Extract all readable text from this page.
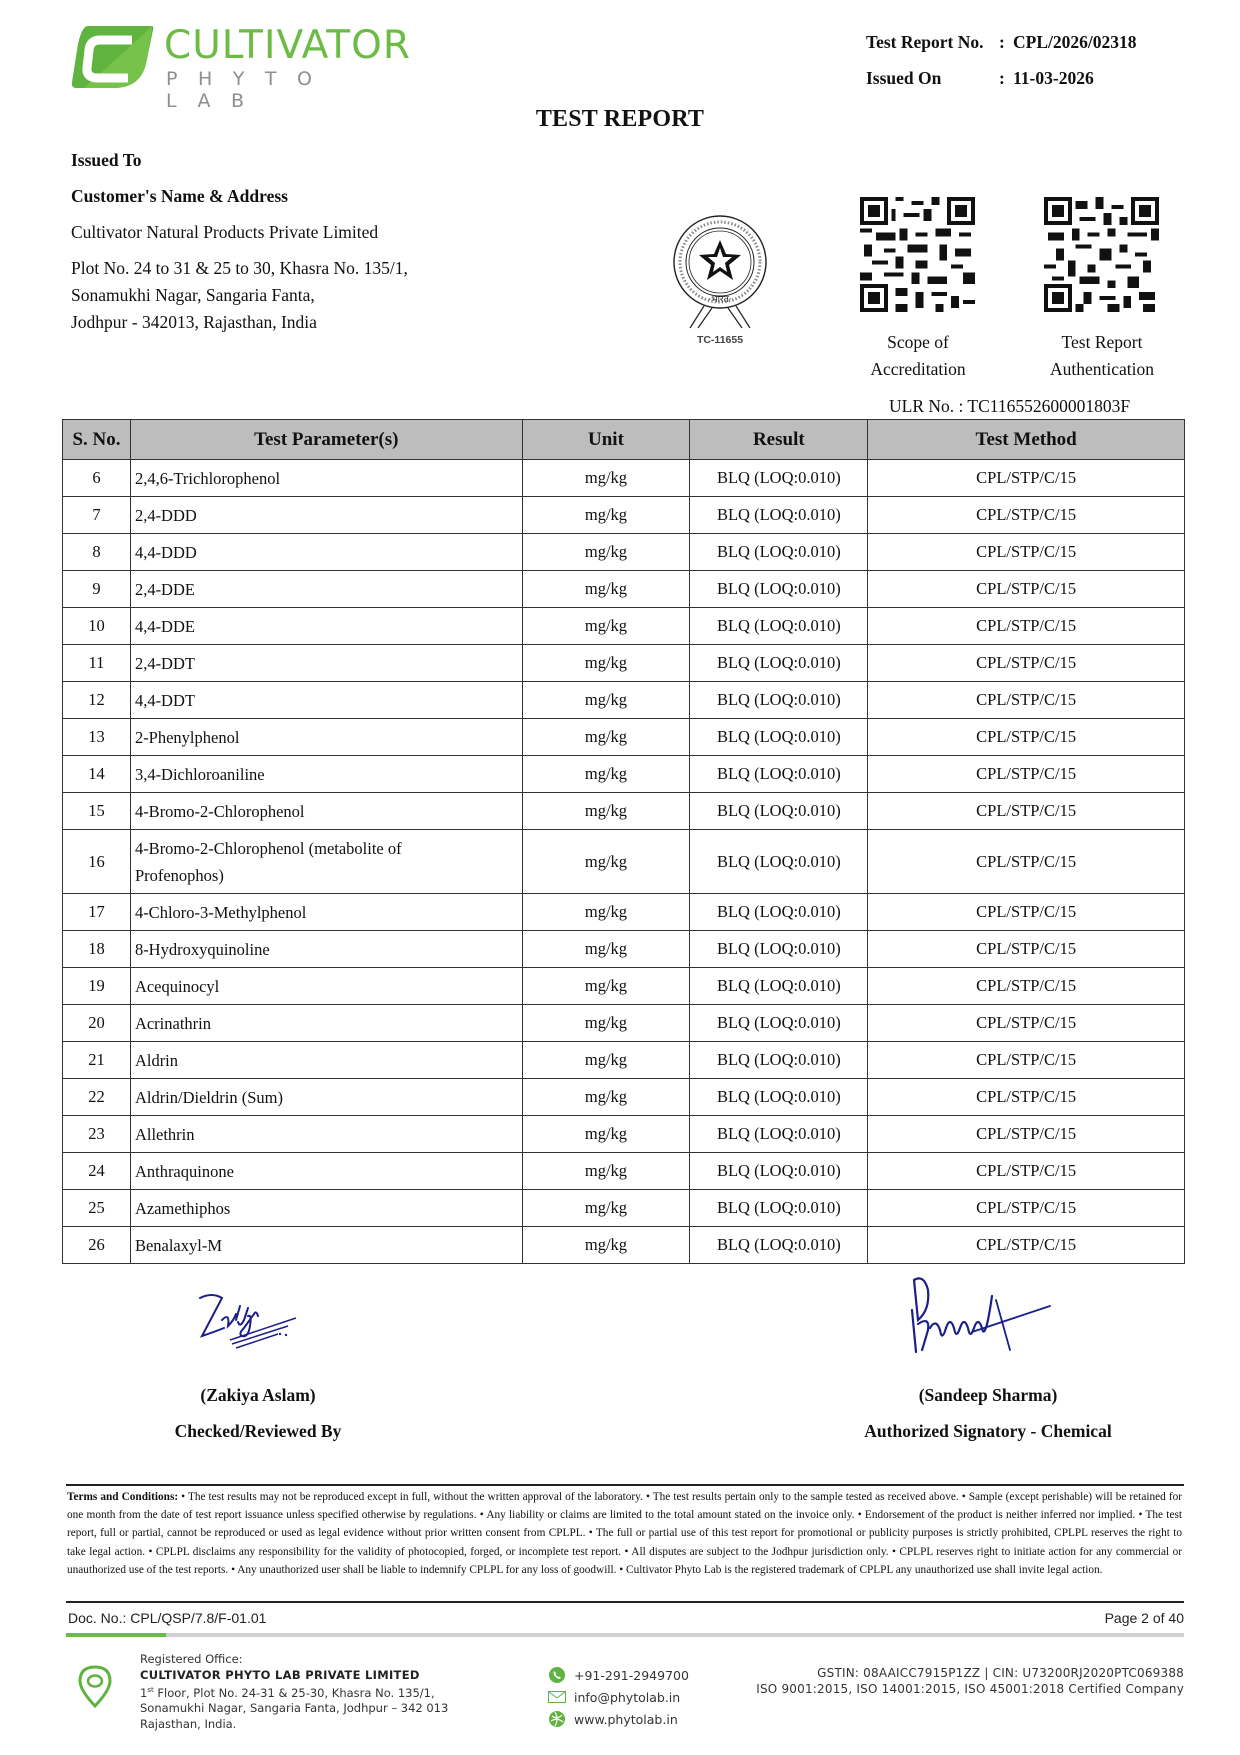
CULTIVATOR
PHYTO LAB
Test Report No. : CPL/2026/02318
Issued On	: 11-03-2026
TEST REPORT
Issued To
Customer's Name & Address
Cultivator Natural Products Private Limited
Plot No. 24 to 31 & 25 to 30, Khasra No. 135/1,
Sonamukhi Nagar, Sangaria Fanta,
Jodhpur - 342013, Rajasthan, India
·भारत·
TC-11655	Scope of
Accreditation
Test Report
Authentication
ULR No. : TC116552600001803F
S. No.	Test Parameter(s)	Unit	Result	Test Method
6	2,4,6-Trichlorophenol	mg/kg	BLQ (LOQ:0.010)	CPL/STP/C/15
7	2,4-DDD	mg/kg	BLQ (LOQ:0.010)	CPL/STP/C/15
8	4,4-DDD	mg/kg	BLQ (LOQ:0.010)	CPL/STP/C/15
9	2,4-DDE	mg/kg	BLQ (LOQ:0.010)	CPL/STP/C/15
10	4,4-DDE	mg/kg	BLQ (LOQ:0.010)	CPL/STP/C/15
11	2,4-DDT	mg/kg	BLQ (LOQ:0.010)	CPL/STP/C/15
12	4,4-DDT	mg/kg	BLQ (LOQ:0.010)	CPL/STP/C/15
13	2-Phenylphenol	mg/kg	BLQ (LOQ:0.010)	CPL/STP/C/15
14	3,4-Dichloroaniline	mg/kg	BLQ (LOQ:0.010)	CPL/STP/C/15
15	4-Bromo-2-Chlorophenol	mg/kg	BLQ (LOQ:0.010)	CPL/STP/C/15
16	4-Bromo-2-Chlorophenol (metabolite of
Profenophos)	mg/kg	BLQ (LOQ:0.010)	CPL/STP/C/15
17	4-Chloro-3-Methylphenol	mg/kg	BLQ (LOQ:0.010)	CPL/STP/C/15
18	8-Hydroxyquinoline	mg/kg	BLQ (LOQ:0.010)	CPL/STP/C/15
19	Acequinocyl	mg/kg	BLQ (LOQ:0.010)	CPL/STP/C/15
20	Acrinathrin	mg/kg	BLQ (LOQ:0.010)	CPL/STP/C/15
21	Aldrin	mg/kg	BLQ (LOQ:0.010)	CPL/STP/C/15
22	Aldrin/Dieldrin (Sum)	mg/kg	BLQ (LOQ:0.010)	CPL/STP/C/15
23	Allethrin	mg/kg	BLQ (LOQ:0.010)	CPL/STP/C/15
24	Anthraquinone	mg/kg	BLQ (LOQ:0.010)	CPL/STP/C/15
25	Azamethiphos	mg/kg	BLQ (LOQ:0.010)	CPL/STP/C/15
26	Benalaxyl-M	mg/kg	BLQ (LOQ:0.010)	CPL/STP/C/15
(Zakiya Aslam)
Checked/Reviewed By
(Sandeep Sharma)
Authorized Signatory - Chemical
Terms and Conditions: • The test results may not be reproduced except in full, without the written approval of the laboratory. • The test results pertain only to the sample tested as received above. • Sample (except perishable) will be retained for one month from the date of test report issuance unless specified otherwise by regulations. • Any liability or claims are limited to the total amount stated on the invoice only. • Endorsement of the product is neither inferred nor implied. • The test report, full or partial, cannot be reproduced or used as legal evidence without prior written consent from CPLPL. • The full or partial use of this test report for promotional or publicity purposes is strictly prohibited, CPLPL reserves the right to take legal action. • CPLPL disclaims any responsibility for the validity of photocopied, forged, or incomplete test report. • All disputes are subject to the Jodhpur jurisdiction only. • CPLPL reserves right to initiate action for any commercial or unauthorized use of the test reports. • Any unauthorized user shall be liable to indemnify CPLPL for any loss of goodwill. • Cultivator Phyto Lab is the registered trademark of CPLPL any unauthorized use shall invite legal action.
Doc. No.: CPL/QSP/7.8/F-01.01	Page 2 of 40
Registered Office:
CULTIVATOR PHYTO LAB PRIVATE LIMITED
1st Floor, Plot No. 24-31 & 25-30, Khasra No. 135/1,
Sonamukhi Nagar, Sangaria Fanta, Jodhpur – 342 013
Rajasthan, India.
+91-291-2949700
info@phytolab.in
www.phytolab.in
GSTIN: 08AAICC7915P1ZZ | CIN: U73200RJ2020PTC069388
ISO 9001:2015, ISO 14001:2015, ISO 45001:2018 Certified Company
